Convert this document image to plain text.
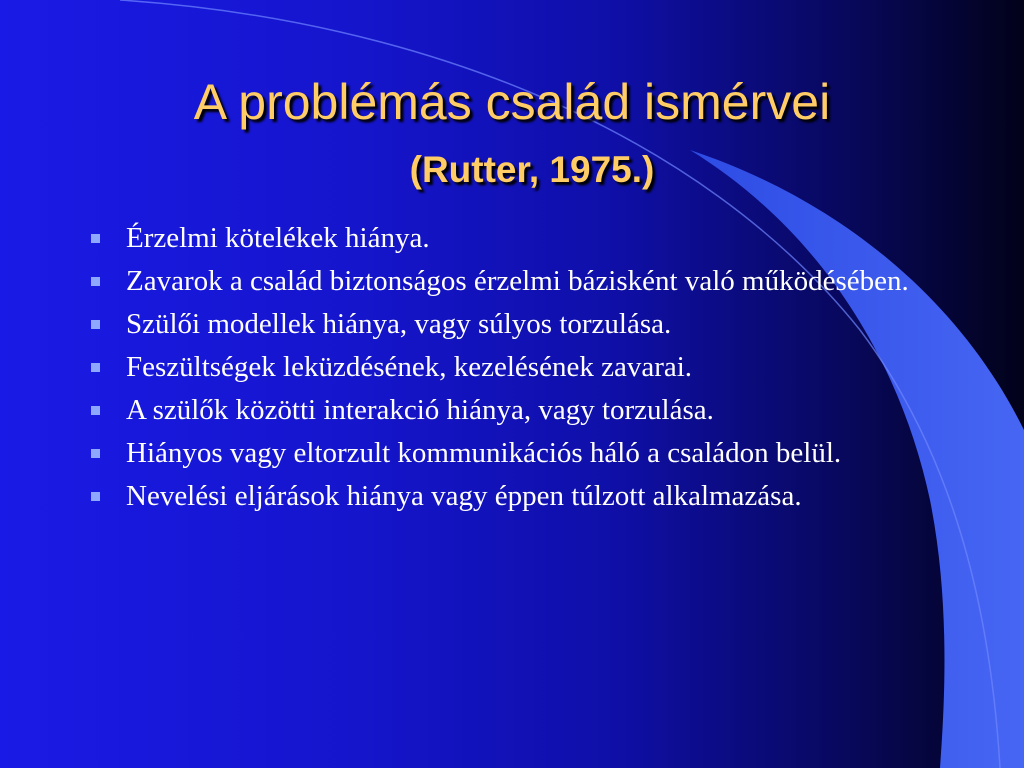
A problémás család ismérvei
(Rutter, 1975.)
Érzelmi kötelékek hiánya.
Zavarok a család biztonságos érzelmi bázisként való működésében.
Szülői modellek hiánya, vagy súlyos torzulása.
Feszültségek leküzdésének, kezelésének zavarai.
A szülők közötti interakció hiánya, vagy torzulása.
Hiányos vagy eltorzult kommunikációs háló a családon belül.
Nevelési eljárások hiánya vagy éppen túlzott alkalmazása.
